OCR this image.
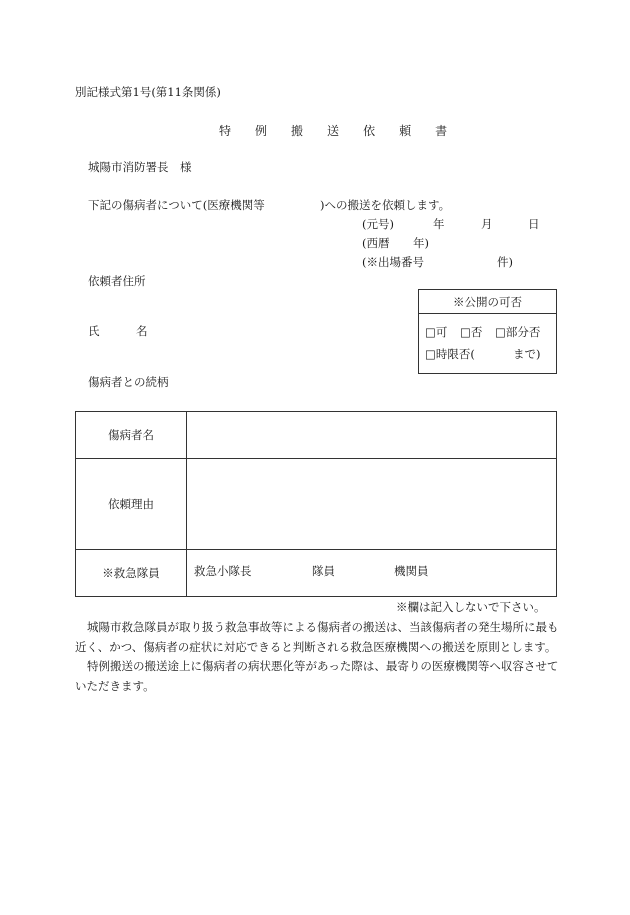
別記様式第1号(第11条関係)
特 例 搬 送 依 頼 書
城陽市消防署長　様
下記の傷病者について(医療機関等	)への搬送を依頼します。
(元号)	年	月	日
(西暦 年)
(※出場番号	件)
依頼者住所
氏	名
傷病者との続柄
※公開の可否
□可 □否 □部分否
□時限否(	まで)
傷病者名	
依頼理由	
※救急隊員	救急小隊長 隊員 機関員
※欄は記入しないで下さい。

城陽市救急隊員が取り扱う救急事故等による傷病者の搬送は、当該傷病者の発生場所に最も近く、かつ、傷病者の症状に対応できると判断される救急医療機関への搬送を原則とします。

特例搬送の搬送途上に傷病者の病状悪化等があった際は、最寄りの医療機関等へ収容させていただきます。
